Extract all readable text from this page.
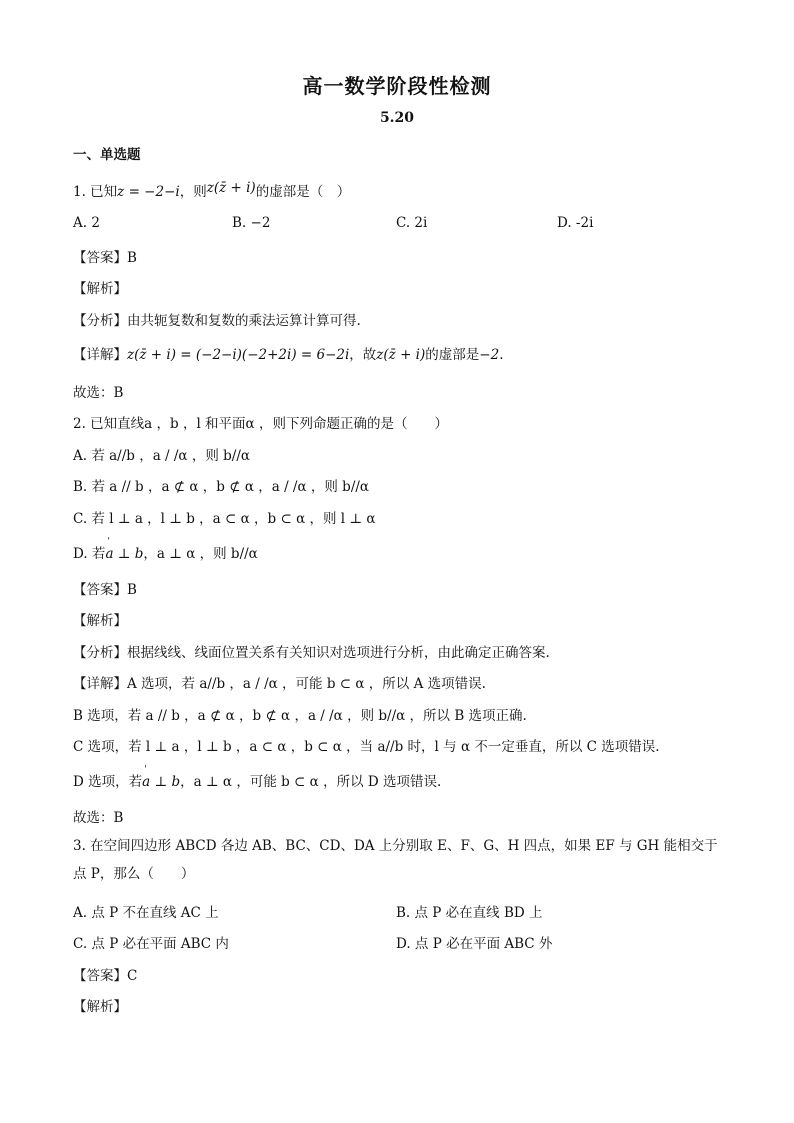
高一数学阶段性检测
5.20
一、单选题
1. 已知z = −2−i，则z(z̄ + i)的虚部是（　）
A. 2	B. −2	C. 2i	D. -2i
【答案】B
【解析】
【分析】由共轭复数和复数的乘法运算计算可得.
【详解】z(z̄ + i) = (−2−i)(−2+2i) = 6−2i，故z(z̄ + i)的虚部是−2.
故选：B
2. 已知直线a ，b ，l 和平面α ，则下列命题正确的是（　　）
A. 若 a//b ，a / /α ，则 b//α
B. 若 a // b ，a ⊄ α ，b ⊄ α ，a / /α ，则 b//α
C. 若 l ⊥ a ，l ⊥ b ，a ⊂ α ，b ⊂ α ，则 l ⊥ α
D. 若' a ⊥ b，a ⊥ α ，则 b//α
【答案】B
【解析】
【分析】根据线线、线面位置关系有关知识对选项进行分析，由此确定正确答案.
【详解】A 选项，若 a//b ，a / /α ，可能 b ⊂ α ，所以 A 选项错误.
B 选项，若 a // b ，a ⊄ α ，b ⊄ α ，a / /α ，则 b//α ，所以 B 选项正确.
C 选项，若 l ⊥ a ，l ⊥ b ，a ⊂ α ，b ⊂ α ，当 a//b 时，l 与 α 不一定垂直，所以 C 选项错误.
D 选项，若' a ⊥ b，a ⊥ α ，可能 b ⊂ α ，所以 D 选项错误.
故选：B
3. 在空间四边形 ABCD 各边 AB、BC、CD、DA 上分别取 E、F、G、H 四点，如果 EF 与 GH 能相交于点 P，那么（　　）
A. 点 P 不在直线 AC 上	B. 点 P 必在直线 BD 上
C. 点 P 必在平面 ABC 内	D. 点 P 必在平面 ABC 外
【答案】C
【解析】
